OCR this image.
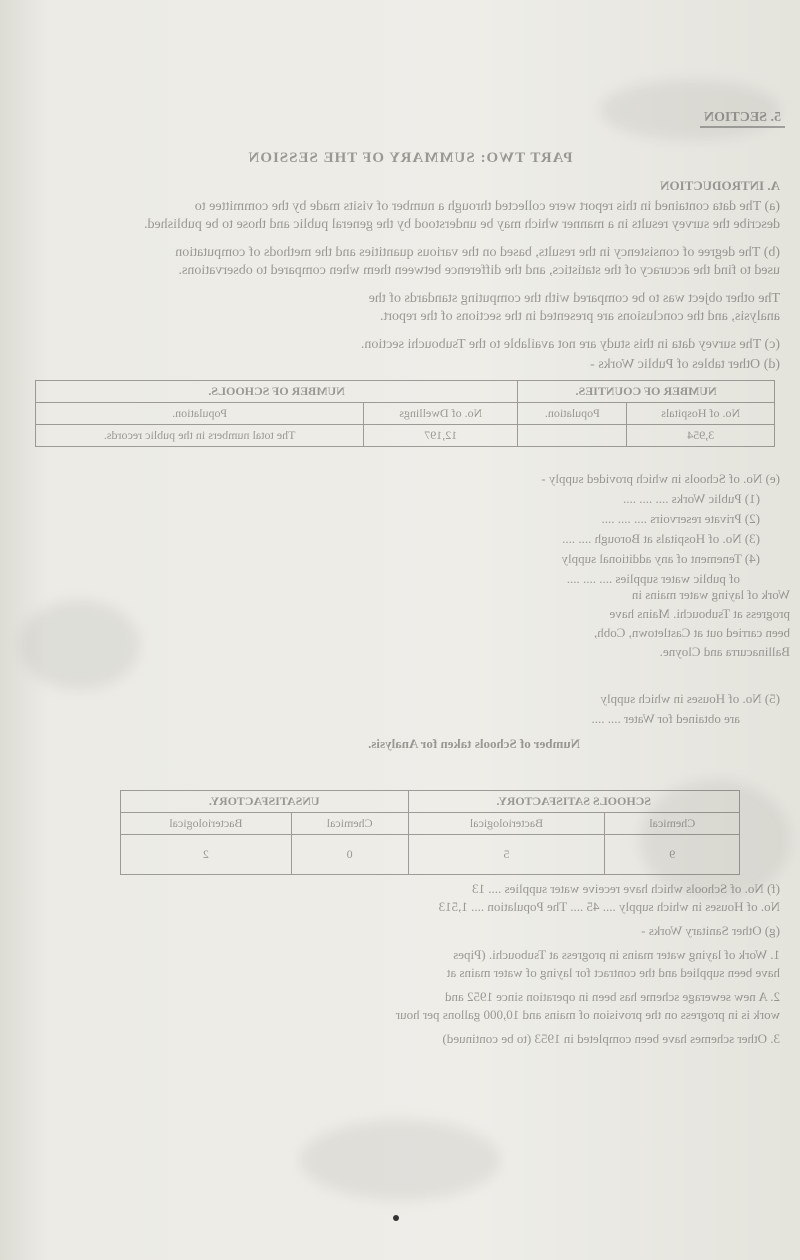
5. SECTION
PART TWO: SUMMARY OF THE SESSION
A. INTRODUCTION
(a) The data contained in this report were collected through a number of visits made by the committee to
describe the survey results in a manner which may be understood by the general public and those to be published.
(b) The degree of consistency in the results, based on the various quantities and the methods of computation
used to find the accuracy of the statistics, and the difference between them when compared to observations.
The other object was to be compared with the computing standards of the
analysis, and the conclusions are presented in the sections of the report.
(c) The survey data in this study are not available to the Tsubouchi section.
(d) Other tables of Public Works -
NUMBER OF COUNTIES.		NUMBER OF SCHOOLS.	
No. of Hospitals	Population.	No. of Dwellings	Population.
3,954		12,197	The total numbers in the public records.
(e) No. of Schools in which provided supply -
(1) Public Works .... .... ....
(2) Private reservoirs .... .... ....
(3) No. of Hospitals at Borough .... ....
(4) Tenement of any additional supply
of public water supplies .... .... ....
(5) No. of Houses in which supply
are obtained for Water .... ....
Number of Schools taken for Analysis.
Work of laying water mains in progress at Tsubouchi. Mains have been carried out at Castletown, Cobh, Ballinacurra and Cloyne.
SCHOOLS SATISFACTORY.		UNSATISFACTORY.	
Chemical	Bacteriological	Chemical	Bacteriological
9	5	0	2
(f) No. of Schools which have receive water supplies .... 13
No. of Houses in which supply .... 45 .... The Population .... 1,513
(g) Other Sanitary Works -
1. Work of laying water mains in progress at Tsubouchi. (Pipes
have been supplied and the contract for laying of water mains at
2. A new sewerage scheme has been in operation since 1952 and
work is in progress on the provision of mains and 10,000 gallons per hour
3. Other schemes have been completed in 1953 (to be continued)
